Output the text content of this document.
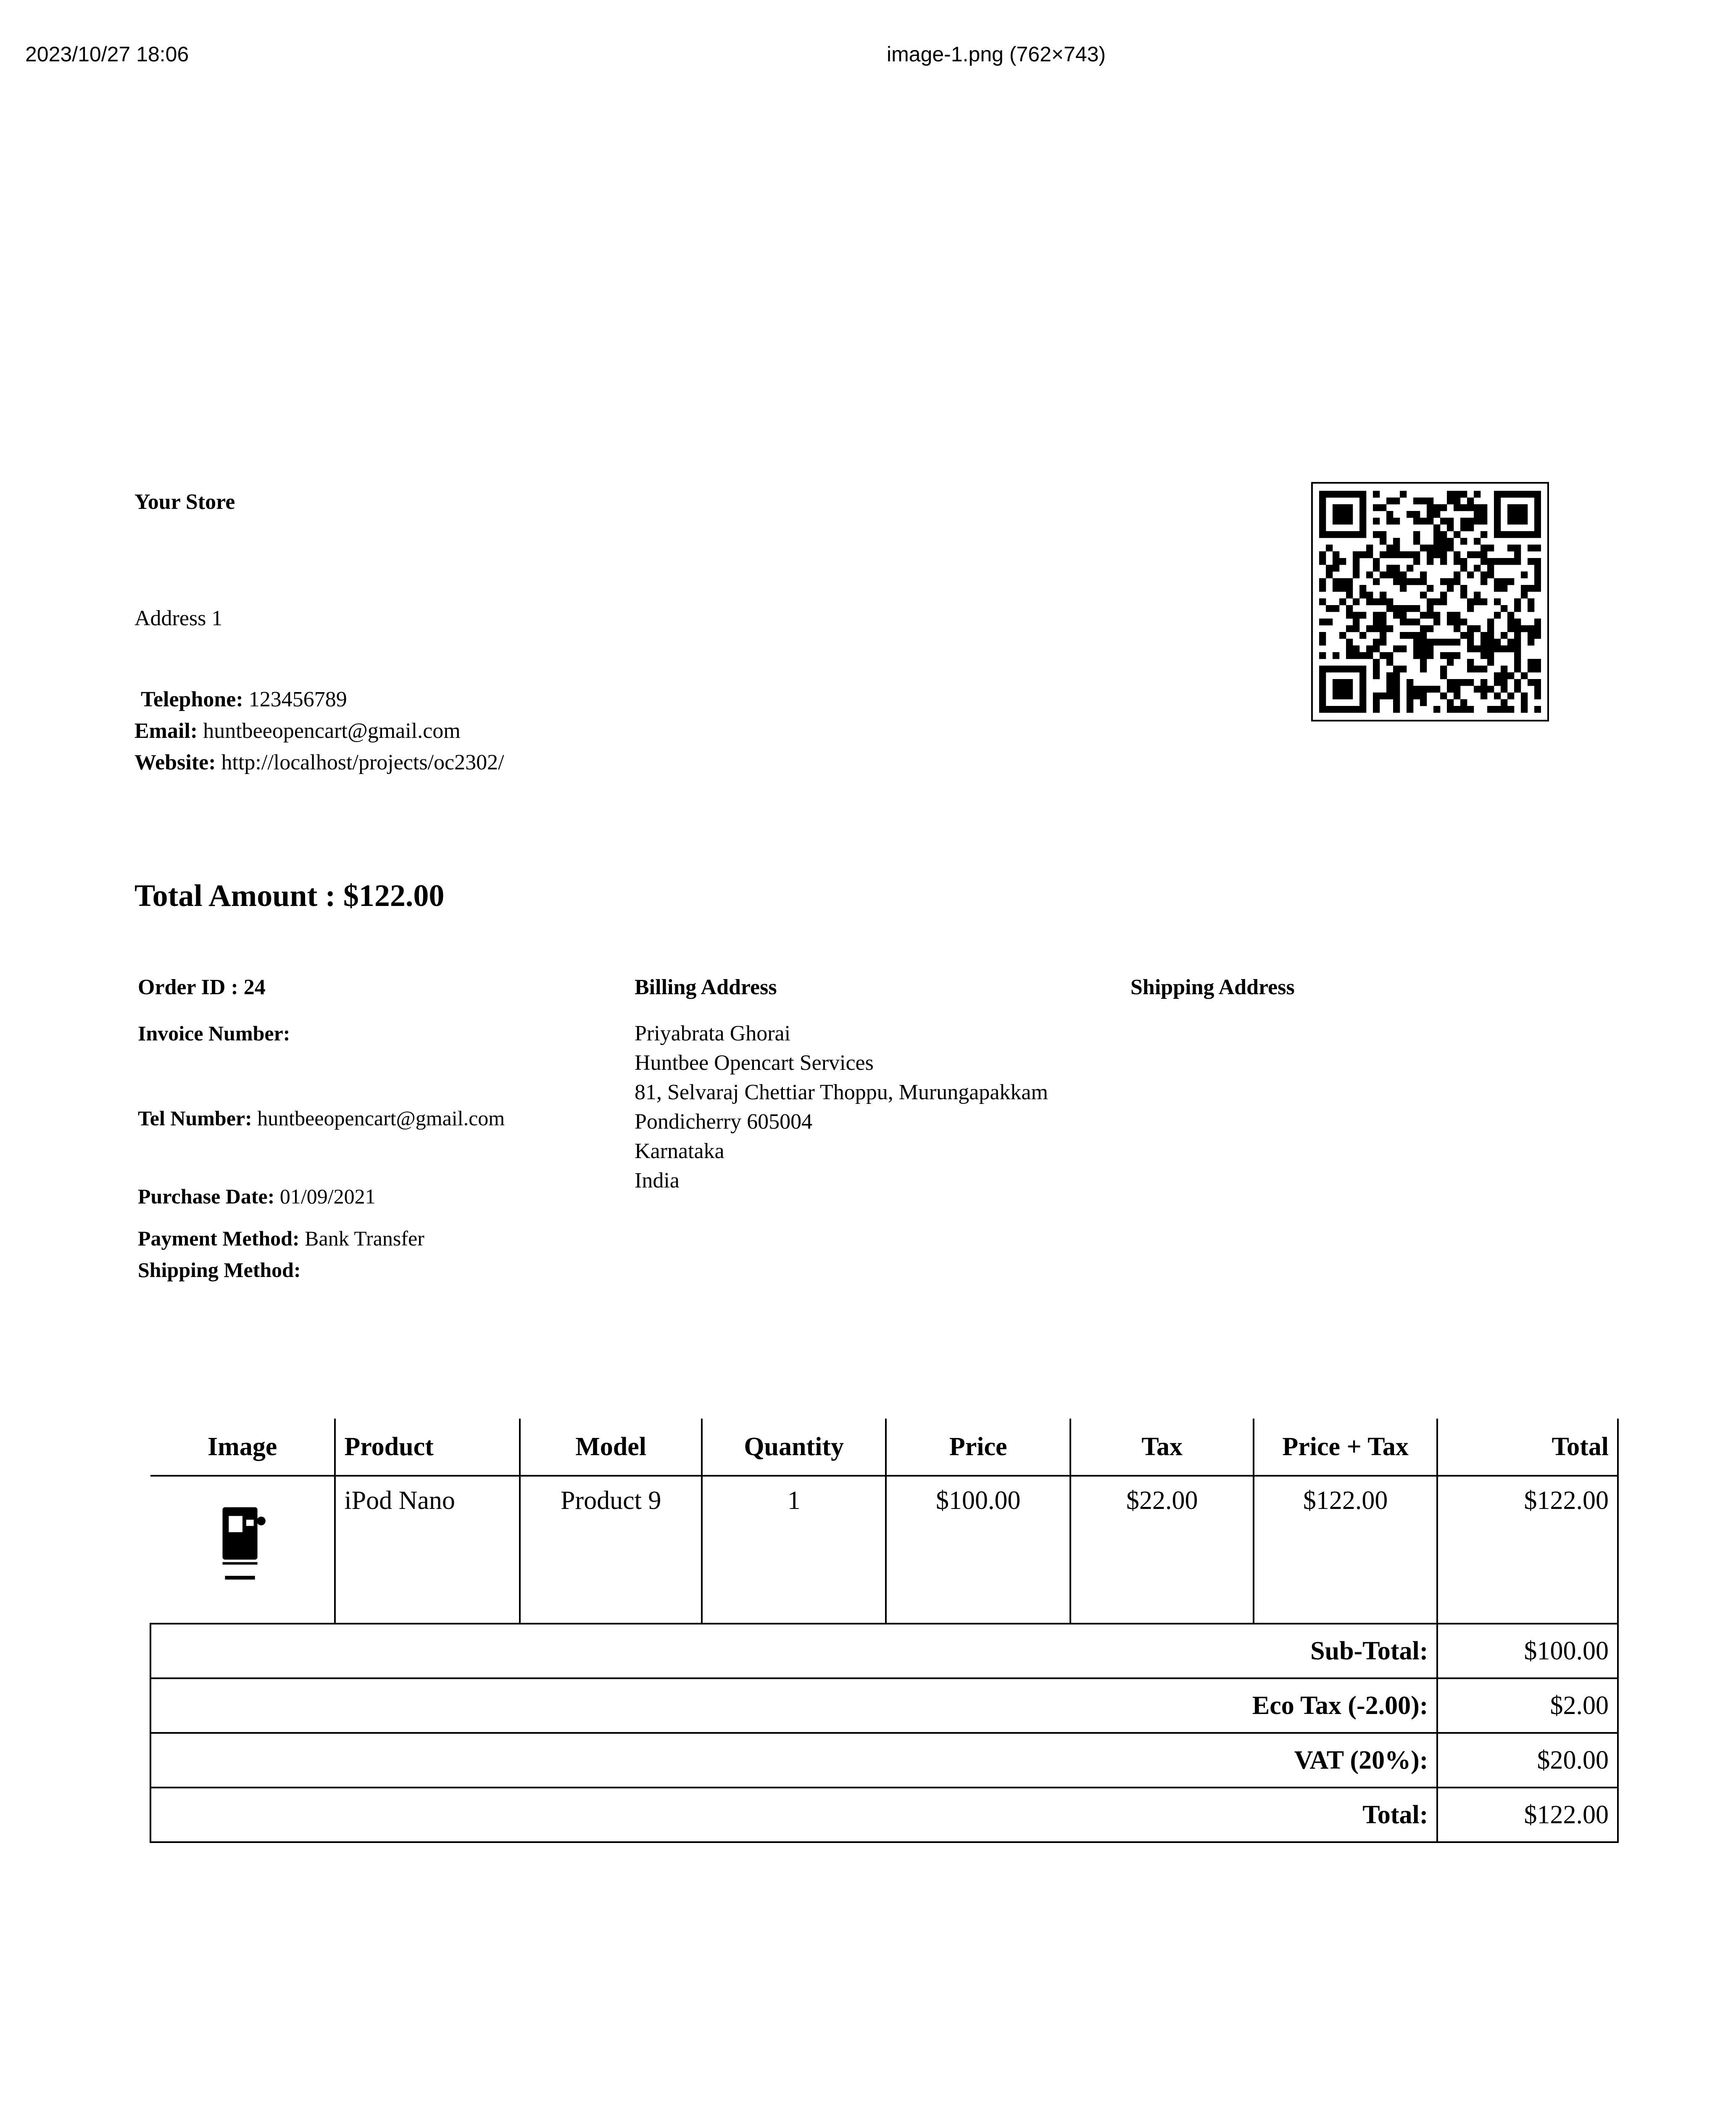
2023/10/27 18:06	image-1.png (762×743)
Your Store
Address 1
Telephone: 123456789
Email: huntbeeopencart@gmail.com
Website: http://localhost/projects/oc2302/
Total Amount : $122.00
Order ID : 24
Invoice Number:
Tel Number: huntbeeopencart@gmail.com
Purchase Date: 01/09/2021
Payment Method: Bank Transfer
Shipping Method:
Billing Address
Priyabrata Ghorai
Huntbee Opencart Services
81, Selvaraj Chettiar Thoppu, Murungapakkam
Pondicherry 605004
Karnataka
India
Shipping Address
Image	Product	Model	Quantity	Price	Tax	Price + Tax	Total
	iPod Nano	Product 9	1	$100.00	$22.00	$122.00	$122.00
Sub-Total:							$100.00
Eco Tax (-2.00):							$2.00
VAT (20%):							$20.00
Total:							$122.00
